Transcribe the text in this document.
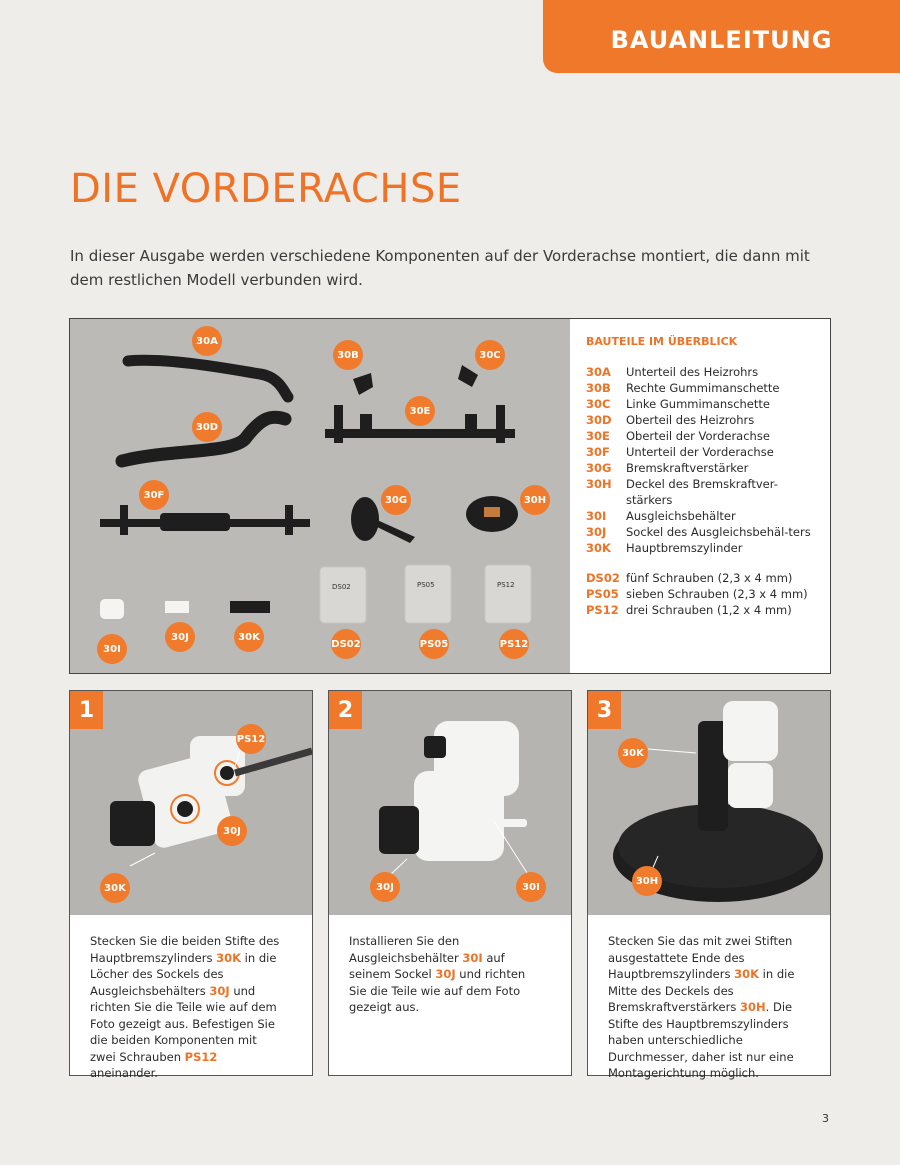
BAUANLEITUNG
DIE VORDERACHSE

In dieser Ausgabe werden verschiedene Komponenten auf der Vorderachse montiert, die dann mit dem restlichen Modell verbunden wird.

DS02	PS05	PS12
30A
30B	30C
30D
30E
30F	30G	30H
30I
30J	30K
DS02	PS05	PS12
BAUTEILE IM ÜBERBLICK
30A	Unterteil des Heizrohrs
30B	Rechte Gummimanschette
30C	Linke Gummimanschette
30D	Oberteil des Heizrohrs
30E	Oberteil der Vorderachse
30F	Unterteil der Vorderachse
30G	Bremskraftverstärker
30H	Deckel des Bremskraftver-stärkers
30I	Ausgleichsbehälter
30J	Sockel des Ausgleichsbehäl-ters
30K	Hauptbremszylinder
DS02 fünf Schrauben (2,3 x 4 mm)
PS05 sieben Schrauben (2,3 x 4 mm)
PS12 drei Schrauben (1,2 x 4 mm)
1
PS12
30J
30K
Stecken Sie die beiden Stifte des Hauptbremszylinders 30K in die Löcher des Sockels des Ausgleichsbehälters 30J und richten Sie die Teile wie auf dem Foto gezeigt aus. Befestigen Sie die beiden Komponenten mit zwei Schrauben PS12 aneinander.
2
30J	30I
Installieren Sie den Ausgleichsbehälter 30I auf seinem Sockel 30J und richten Sie die Teile wie auf dem Foto gezeigt aus.
3
30K
30H
Stecken Sie das mit zwei Stiften ausgestattete Ende des Hauptbremszylinders 30K in die Mitte des Deckels des Bremskraftverstärkers 30H. Die Stifte des Hauptbremszylinders haben unterschiedliche Durchmesser, daher ist nur eine Montagerichtung möglich.
3
